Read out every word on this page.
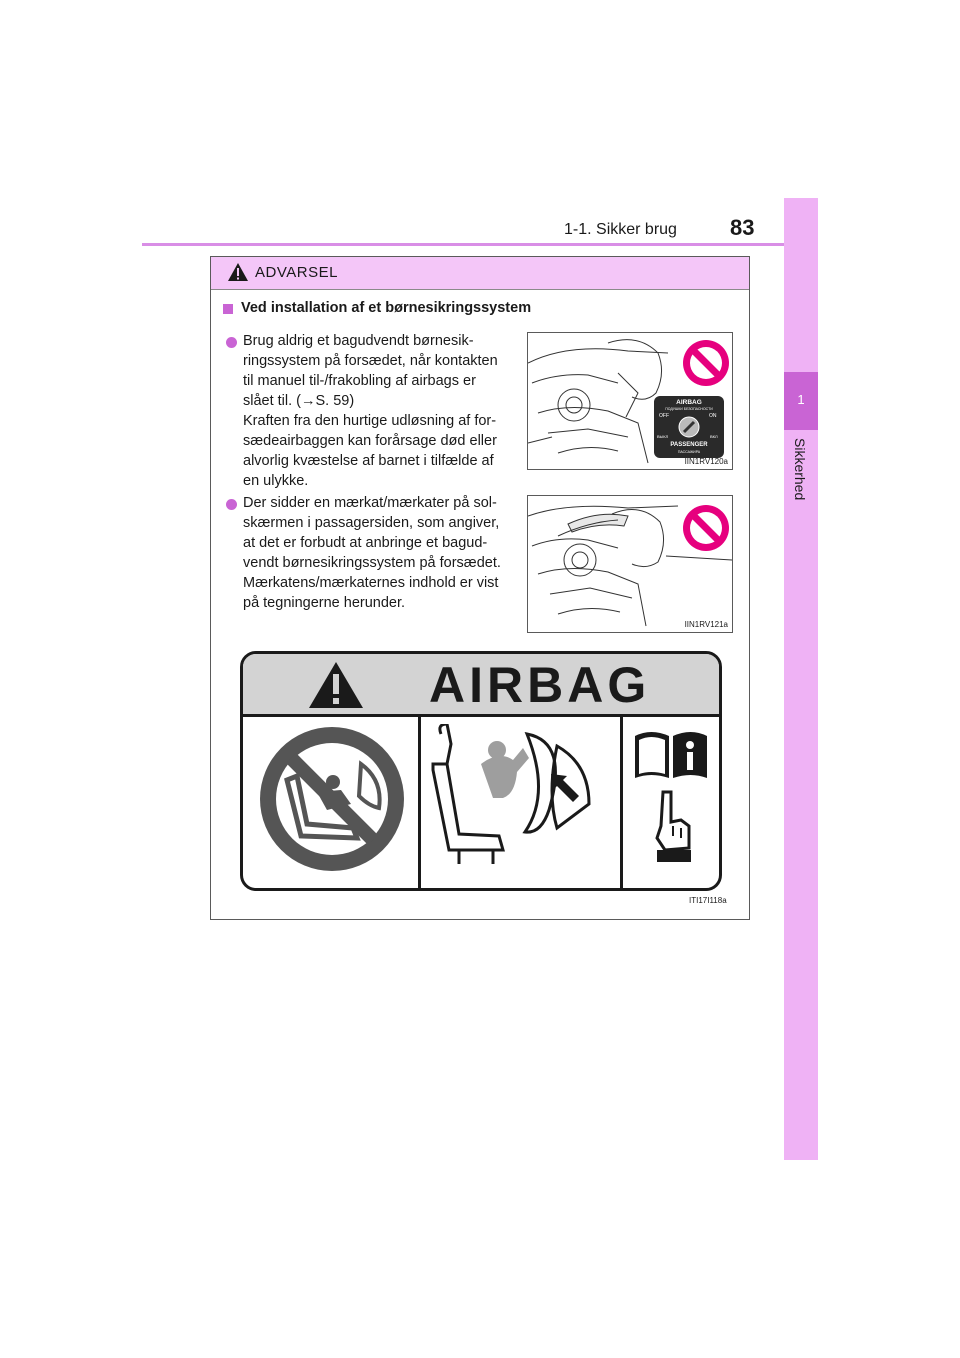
1-1. Sikker brug 83
1
Sikkerhed
ADVARSEL
Ved installation af et børnesikringssystem
Brug aldrig et bagudvendt børnesik-
ringssystem på forsædet, når kontakten
til manuel til-/frakobling af airbags er
slået til. (→S. 59)
Kraften fra den hurtige udløsning af for-
sædeairbaggen kan forårsage død eller
alvorlig kvæstelse af barnet i tilfælde af
en ulykke.
AIRBAG
ПОДУШКИ БЕЗОПАСНОСТИ
OFF	ON
ВЫКЛ	ВКЛ
PASSENGER
ПАССАЖИРА
IIN1RV120a
Der sidder en mærkat/mærkater på sol-
skærmen i passagersiden, som angiver,
at det er forbudt at anbringe et bagud-
vendt børnesikringssystem på forsædet.
Mærkatens/mærkaternes indhold er vist
på tegningerne herunder.
IIN1RV121a
AIRBAG
ITI17I118a
